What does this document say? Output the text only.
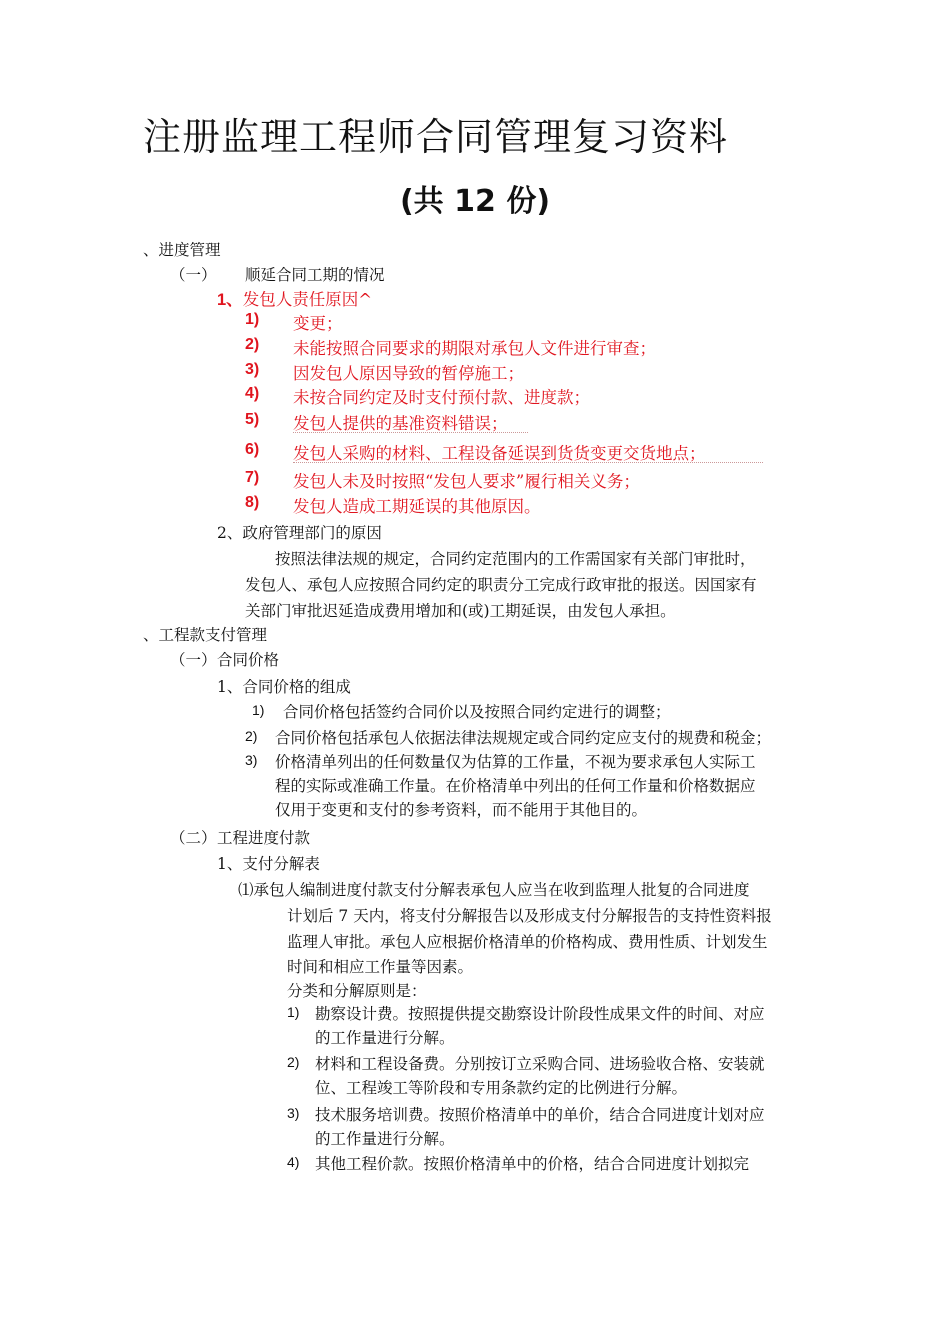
注册监理工程师合同管理复习资料
(共 12 份)
、进度管理
（一） 顺延合同工期的情况
1、发包人责任原因^
1) 变更；
2) 未能按照合同要求的期限对承包人文件进行审查；
3) 因发包人原因导致的暂停施工；
4) 未按合同约定及时支付预付款、进度款；
5) 发包人提供的基准资料错误；
6) 发包人采购的材料、工程设备延误到货货变更交货地点；
7) 发包人未及时按照“发包人要求”履行相关义务；
8) 发包人造成工期延误的其他原因。
2、政府管理部门的原因
按照法律法规的规定，合同约定范围内的工作需国家有关部门审批时，
发包人、承包人应按照合同约定的职责分工完成行政审批的报送。因国家有
关部门审批迟延造成费用增加和(或)工期延误，由发包人承担。
、工程款支付管理
（一） 合同价格
1、合同价格的组成
1) 合同价格包括签约合同价以及按照合同约定进行的调整；
2) 合同价格包括承包人依据法律法规规定或合同约定应支付的规费和税金；
3) 价格清单列出的任何数量仅为估算的工作量，不视为要求承包人实际工
程的实际或准确工作量。在价格清单中列出的任何工作量和价格数据应
仅用于变更和支付的参考资料，而不能用于其他目的。
（二） 工程进度付款
1、支付分解表
⑴承包人编制进度付款支付分解表承包人应当在收到监理人批复的合同进度
计划后 7 天内，将支付分解报告以及形成支付分解报告的支持性资料报
监理人审批。承包人应根据价格清单的价格构成、费用性质、计划发生
时间和相应工作量等因素。
分类和分解原则是：
1) 勘察设计费。按照提供提交勘察设计阶段性成果文件的时间、对应
的工作量进行分解。
2) 材料和工程设备费。分别按订立采购合同、进场验收合格、安装就
位、工程竣工等阶段和专用条款约定的比例进行分解。
3) 技术服务培训费。按照价格清单中的单价，结合合同进度计划对应
的工作量进行分解。
4) 其他工程价款。按照价格清单中的价格，结合合同进度计划拟完
